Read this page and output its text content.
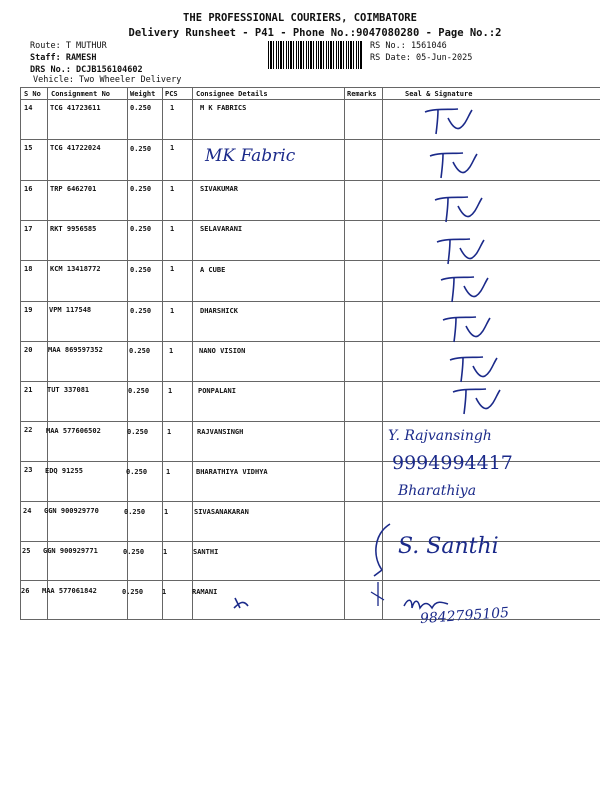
THE PROFESSIONAL COURIERS, COIMBATORE
Delivery Runsheet - P41 - Phone No.:9047080280 - Page No.:2
Route: T MUTHUR
Staff: RAMESH
DRS No.: DCJB156104602
Vehicle: Two Wheeler Delivery
RS No.: 1561046
RS Date: 05-Jun-2025
S No Consignment No	Weight PCS	Consignee Details	Remarks	Seal & Signature
14	TCG 41723611	0.250	1	M K FABRICS
15	TCG 41722024	0.250	1
16	TRP 6462701	0.250	1	SIVAKUMAR
17	RKT 9956585	0.250	1	SELAVARANI
18	KCM 13418772	0.250	1	A CUBE
19 VPM 117548	0.250	1	DHARSHICK
20 MAA 869597352	0.250	1	NANO VISION
21 TUT 337081	0.250	1	PONPALANI
22 MAA 577606502	0.250	1	RAJVANSINGH
23 EDQ 91255	0.250	1	BHARATHIYA VIDHYA
24 GGN 900929770	0.250	1	SIVASANAKARAN
25 GGN 900929771	0.250	1	SANTHI
26 MAA 577061842	0.250	1	RAMANI
MK Fabric
Y. Rajvansingh
9994994417
Bharathiya
S. Santhi
9842795105
